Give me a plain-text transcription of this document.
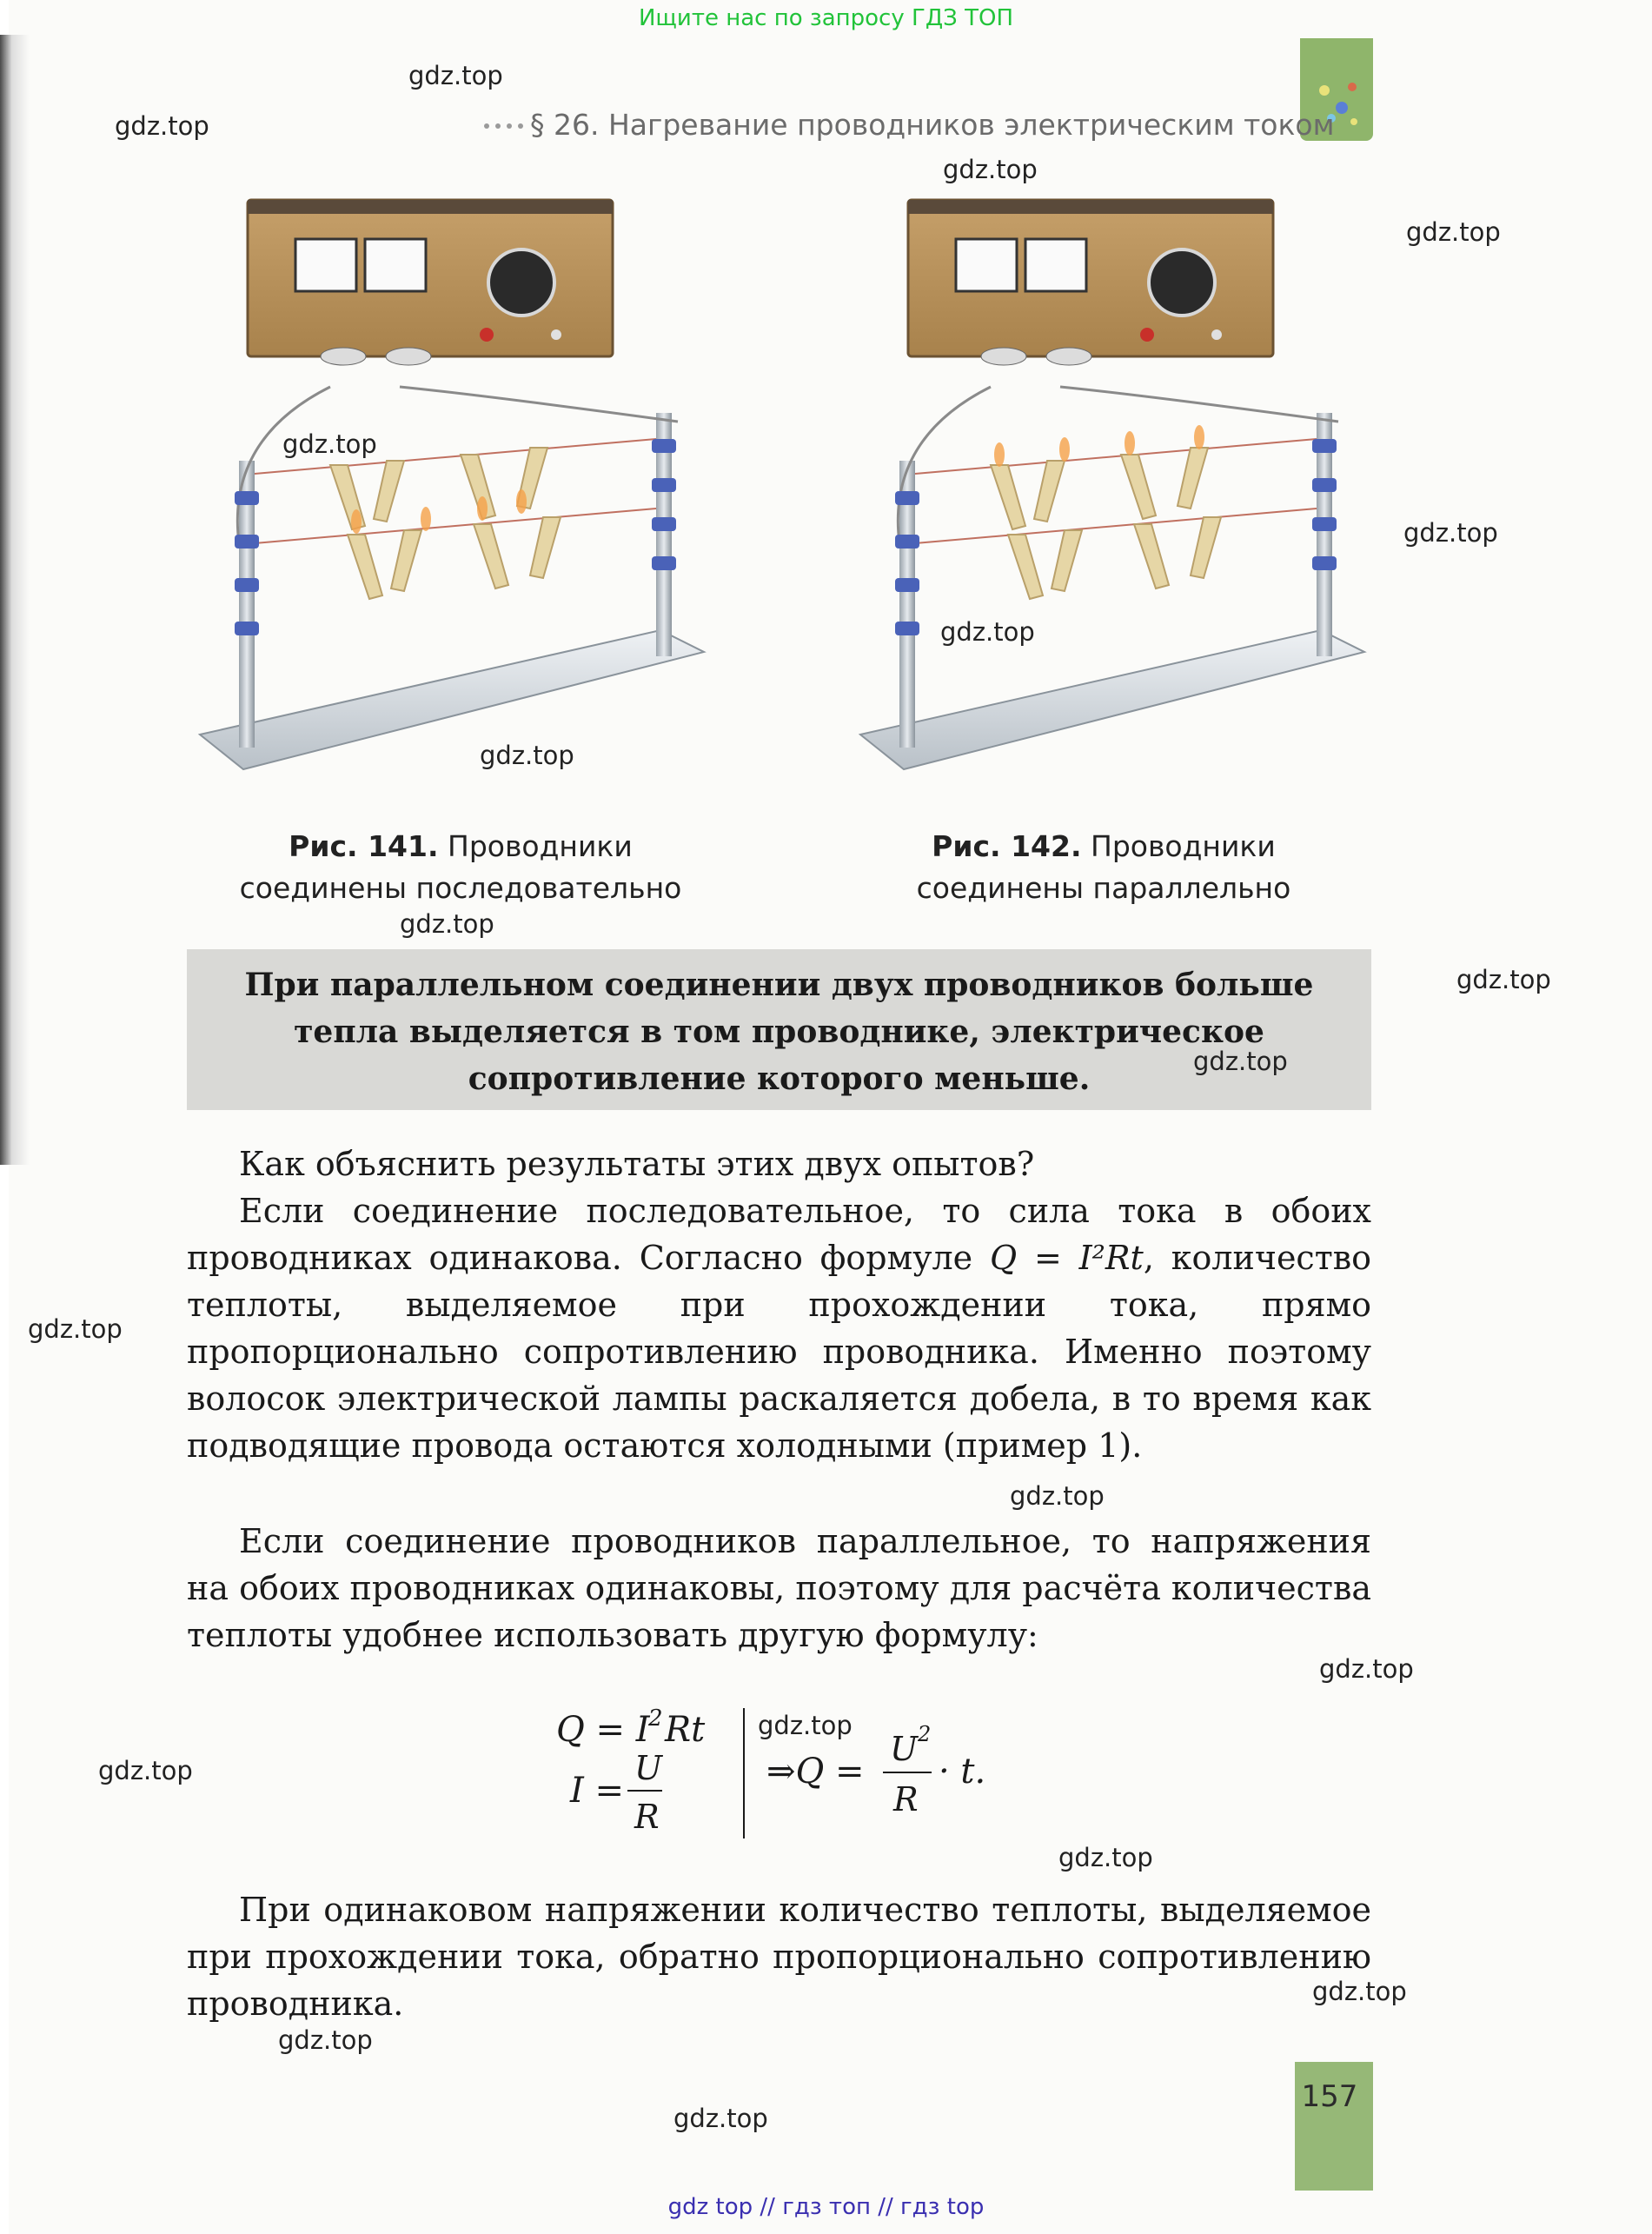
Ищите нас по запросу ГДЗ ТОП
§ 26. Нагревание проводников электрическим током
Рис. 141. Проводники
соединены последовательно
Рис. 142. Проводники
соединены параллельно
При параллельном соединении двух проводников больше
тепла выделяется в том проводнике, электрическое
сопротивление которого меньше.

Как объяснить результаты этих двух опытов?

Если соединение последовательное, то сила тока в обоих проводниках одинакова. Согласно формуле Q = I²Rt, количество теплоты, выделяемое при прохождении тока, прямо пропорционально сопротивлению проводника. Именно поэтому волосок электрической лампы раскаляется добела, в то время как подводящие провода остаются холодными (пример 1).

Если соединение проводников параллельное, то напряжения на обоих проводниках одинаковы, поэтому для расчёта количества теплоты удобнее использовать другую формулу:

Q = I
2 Rt
I =
U
R
⇒Q =
U 2
R
· t.

При одинаковом напряжении количество теплоты, выделяемое при прохождении тока, обратно пропорционально сопротивлению проводника.

157
gdz.top
gdz.top
gdz.top
gdz.top
gdz.top
gdz.top
gdz.top
gdz.top
gdz.top
gdz.top
gdz.top
gdz.top
gdz.top
gdz.top
gdz.top
gdz.top
gdz.top
gdz.top
gdz.top
gdz.top
gdz top // гдз топ // гдз top
